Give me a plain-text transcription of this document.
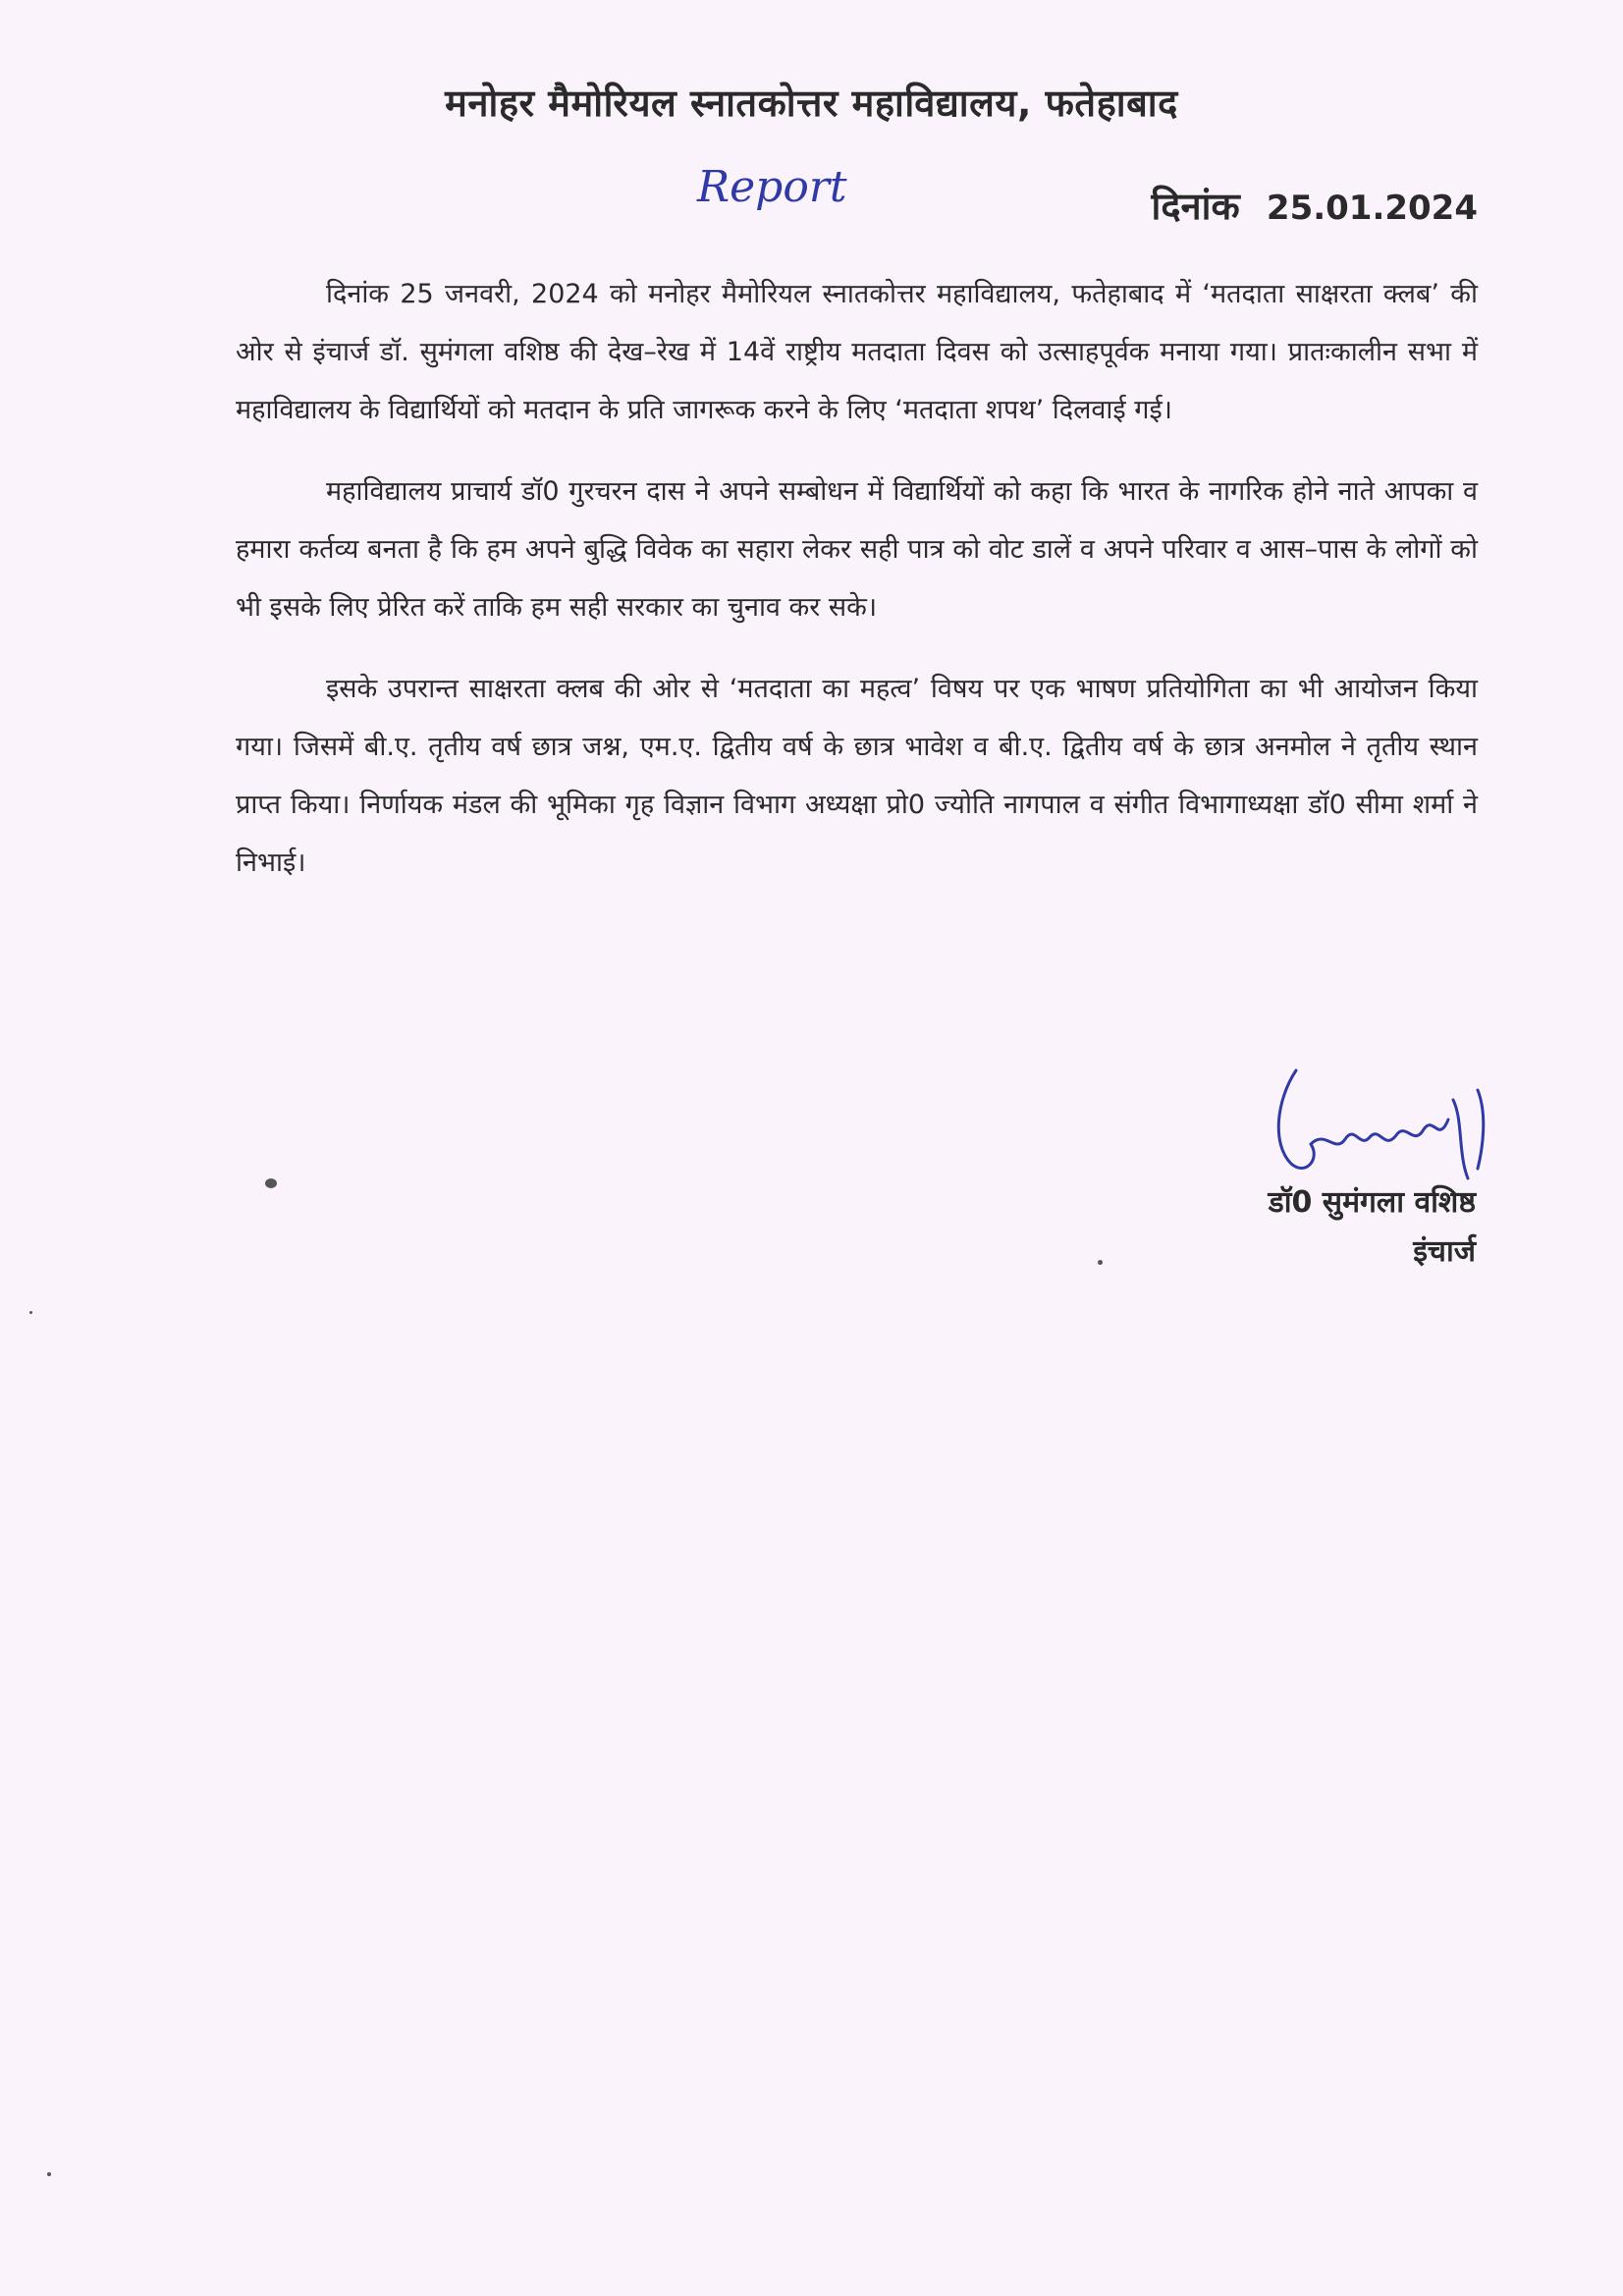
मनोहर मैमोरियल स्नातकोत्तर महाविद्यालय, फतेहाबाद
Report	दिनांक 25.01.2024

दिनांक 25 जनवरी, 2024 को मनोहर मैमोरियल स्नातकोत्तर महाविद्यालय, फतेहाबाद में ‘मतदाता साक्षरता क्लब’ की ओर से इंचार्ज डॉ. सुमंगला वशिष्ठ की देख–रेख में 14वें राष्ट्रीय मतदाता दिवस को उत्साहपूर्वक मनाया गया। प्रातःकालीन सभा में महाविद्यालय के विद्यार्थियों को मतदान के प्रति जागरूक करने के लिए ‘मतदाता शपथ’ दिलवाई गई।

महाविद्यालय प्राचार्य डॉ0 गुरचरन दास ने अपने सम्बोधन में विद्यार्थियों को कहा कि भारत के नागरिक होने नाते आपका व हमारा कर्तव्य बनता है कि हम अपने बुद्धि विवेक का सहारा लेकर सही पात्र को वोट डालें व अपने परिवार व आस–पास के लोगों को भी इसके लिए प्रेरित करें ताकि हम सही सरकार का चुनाव कर सके।

इसके उपरान्त साक्षरता क्लब की ओर से ‘मतदाता का महत्व’ विषय पर एक भाषण प्रतियोगिता का भी आयोजन किया गया। जिसमें बी.ए. तृतीय वर्ष छात्र जश्न, एम.ए. द्वितीय वर्ष के छात्र भावेश व बी.ए. द्वितीय वर्ष के छात्र अनमोल ने तृतीय स्थान प्राप्त किया। निर्णायक मंडल की भूमिका गृह विज्ञान विभाग अध्यक्षा प्रो0 ज्योति नागपाल व संगीत विभागाध्यक्षा डॉ0 सीमा शर्मा ने निभाई।

डॉ0 सुमंगला वशिष्ठ
इंचार्ज
